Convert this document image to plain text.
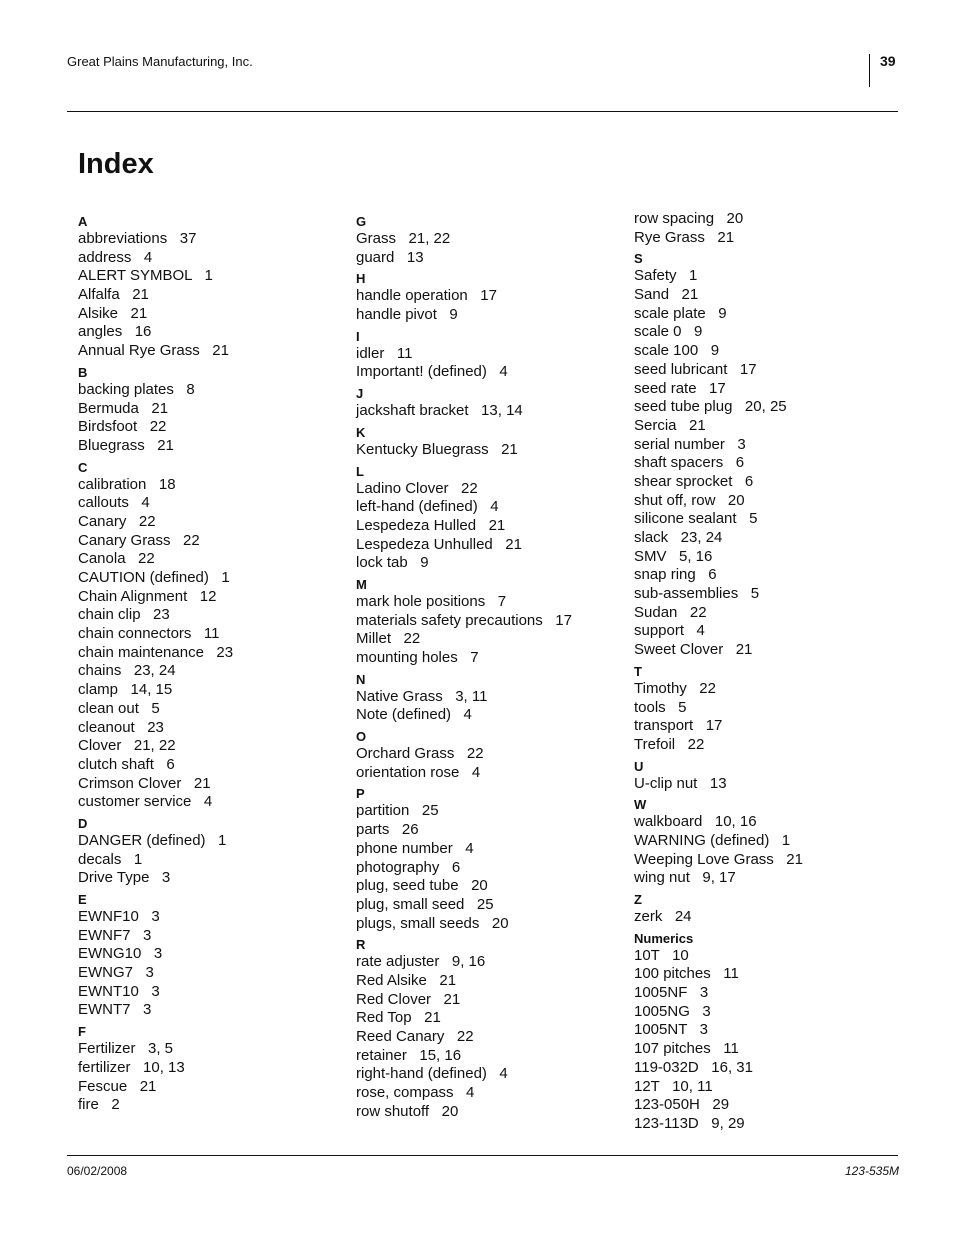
Great Plains Manufacturing, Inc.	39
Index
A
abbreviations   37
address   4
ALERT SYMBOL   1
Alfalfa   21
Alsike   21
angles   16
Annual Rye Grass   21
B
backing plates   8
Bermuda   21
Birdsfoot   22
Bluegrass   21
C
calibration   18
callouts   4
Canary   22
Canary Grass   22
Canola   22
CAUTION (defined)   1
Chain Alignment   12
chain clip   23
chain connectors   11
chain maintenance   23
chains   23, 24
clamp   14, 15
clean out   5
cleanout   23
Clover   21, 22
clutch shaft   6
Crimson Clover   21
customer service   4
D
DANGER (defined)   1
decals   1
Drive Type   3
E
EWNF10   3
EWNF7   3
EWNG10   3
EWNG7   3
EWNT10   3
EWNT7   3
F
Fertilizer   3, 5
fertilizer   10, 13
Fescue   21
fire   2
G
Grass   21, 22
guard   13
H
handle operation   17
handle pivot   9
I
idler   11
Important! (defined)   4
J
jackshaft bracket   13, 14
K
Kentucky Bluegrass   21
L
Ladino Clover   22
left-hand (defined)   4
Lespedeza Hulled   21
Lespedeza Unhulled   21
lock tab   9
M
mark hole positions   7
materials safety precautions   17
Millet   22
mounting holes   7
N
Native Grass   3, 11
Note (defined)   4
O
Orchard Grass   22
orientation rose   4
P
partition   25
parts   26
phone number   4
photography   6
plug, seed tube   20
plug, small seed   25
plugs, small seeds   20
R
rate adjuster   9, 16
Red Alsike   21
Red Clover   21
Red Top   21
Reed Canary   22
retainer   15, 16
right-hand (defined)   4
rose, compass   4
row shutoff   20
row spacing   20
Rye Grass   21
S
Safety   1
Sand   21
scale plate   9
scale 0   9
scale 100   9
seed lubricant   17
seed rate   17
seed tube plug   20, 25
Sercia   21
serial number   3
shaft spacers   6
shear sprocket   6
shut off, row   20
silicone sealant   5
slack   23, 24
SMV   5, 16
snap ring   6
sub-assemblies   5
Sudan   22
support   4
Sweet Clover   21
T
Timothy   22
tools   5
transport   17
Trefoil   22
U
U-clip nut   13
W
walkboard   10, 16
WARNING (defined)   1
Weeping Love Grass   21
wing nut   9, 17
Z
zerk   24
Numerics
10T   10
100 pitches   11
1005NF   3
1005NG   3
1005NT   3
107 pitches   11
119-032D   16, 31
12T   10, 11
123-050H   29
123-113D   9, 29
06/02/2008	123-535M
